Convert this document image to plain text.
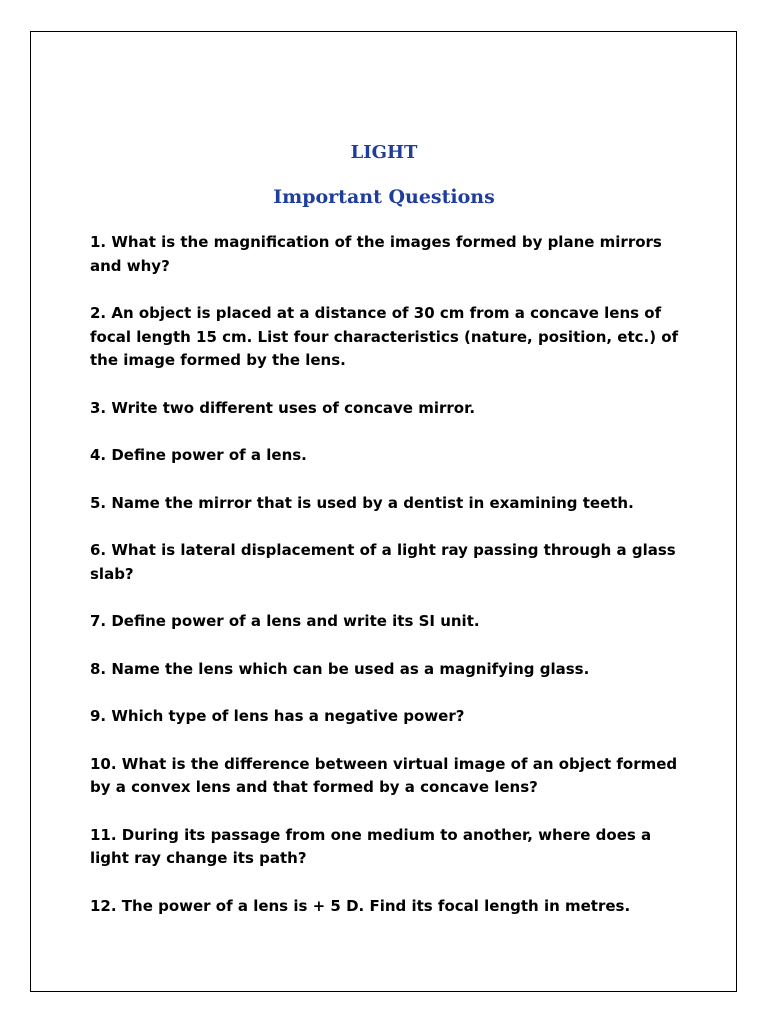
LIGHT
Important Questions
1. What is the magnification of the images formed by plane mirrors and why?
2. An object is placed at a distance of 30 cm from a concave lens of focal length 15 cm. List four characteristics (nature, position, etc.) of the image formed by the lens.
3. Write two different uses of concave mirror.
4. Define power of a lens.
5. Name the mirror that is used by a dentist in examining teeth.
6. What is lateral displacement of a light ray passing through a glass slab?
7. Define power of a lens and write its SI unit.
8. Name the lens which can be used as a magnifying glass.
9. Which type of lens has a negative power?
10. What is the difference between virtual image of an object formed by a convex lens and that formed by a concave lens?
11. During its passage from one medium to another, where does a light ray change its path?
12. The power of a lens is + 5 D. Find its focal length in metres.
